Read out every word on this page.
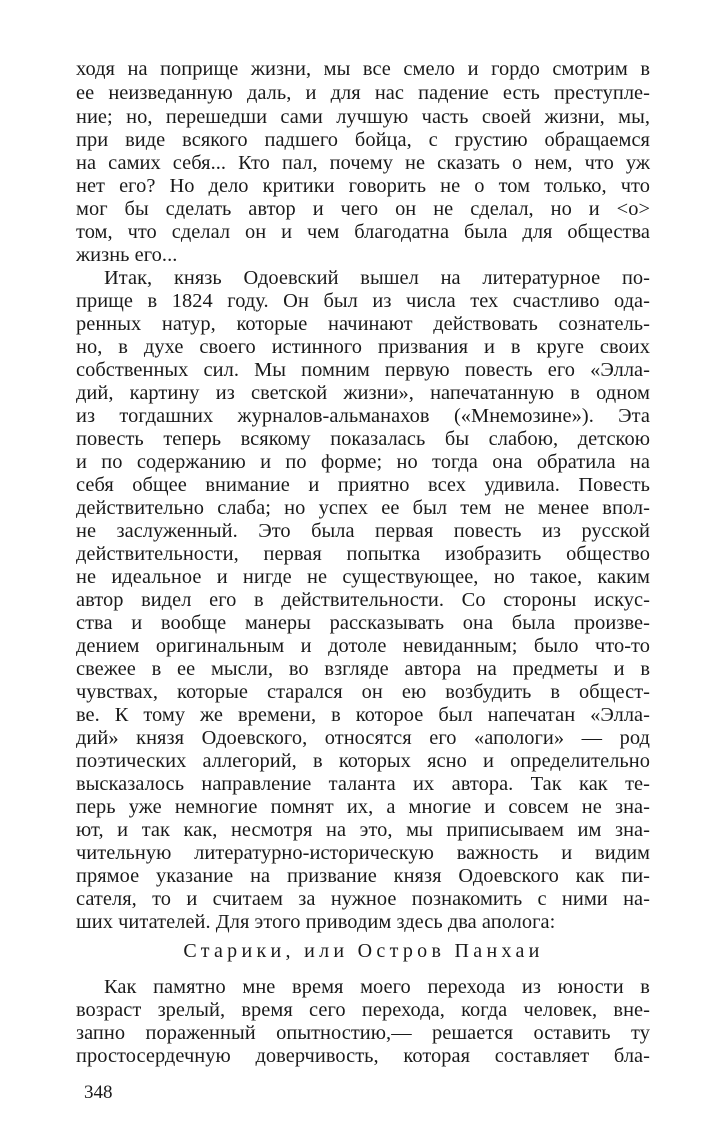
ходя на поприще жизни, мы все смело и гордо смотрим в
ее неизведанную даль, и для нас падение есть преступле-
ние; но, перешедши сами лучшую часть своей жизни, мы,
при виде всякого падшего бойца, с грустию обращаемся
на самих себя... Кто пал, почему не сказать о нем, что уж
нет его? Но дело критики говорить не о том только, что
мог бы сделать автор и чего он не сделал, но и <о>
том, что сделал он и чем благодатна была для общества
жизнь его...
Итак, князь Одоевский вышел на литературное по-
прище в 1824 году. Он был из числа тех счастливо ода-
ренных натур, которые начинают действовать сознатель-
но, в духе своего истинного призвания и в круге своих
собственных сил. Мы помним первую повесть его «Элла-
дий, картину из светской жизни», напечатанную в одном
из тогдашних журналов-альманахов («Мнемозине»). Эта
повесть теперь всякому показалась бы слабою, детскою
и по содержанию и по форме; но тогда она обратила на
себя общее внимание и приятно всех удивила. Повесть
действительно слаба; но успех ее был тем не менее впол-
не заслуженный. Это была первая повесть из русской
действительности, первая попытка изобразить общество
не идеальное и нигде не существующее, но такое, каким
автор видел его в действительности. Со стороны искус-
ства и вообще манеры рассказывать она была произве-
дением оригинальным и дотоле невиданным; было что-то
свежее в ее мысли, во взгляде автора на предметы и в
чувствах, которые старался он ею возбудить в общест-
ве. К тому же времени, в которое был напечатан «Элла-
дий» князя Одоевского, относятся его «апологи» — род
поэтических аллегорий, в которых ясно и определительно
высказалось направление таланта их автора. Так как те-
перь уже немногие помнят их, а многие и совсем не зна-
ют, и так как, несмотря на это, мы приписываем им зна-
чительную литературно-историческую важность и видим
прямое указание на призвание князя Одоевского как пи-
сателя, то и считаем за нужное познакомить с ними на-
ших читателей. Для этого приводим здесь два аполога:
Старики, или Остров Панхаи
Как памятно мне время моего перехода из юности в
возраст зрелый, время сего перехода, когда человек, вне-
запно пораженный опытностию,— решается оставить ту
простосердечную доверчивость, которая составляет бла-
348
